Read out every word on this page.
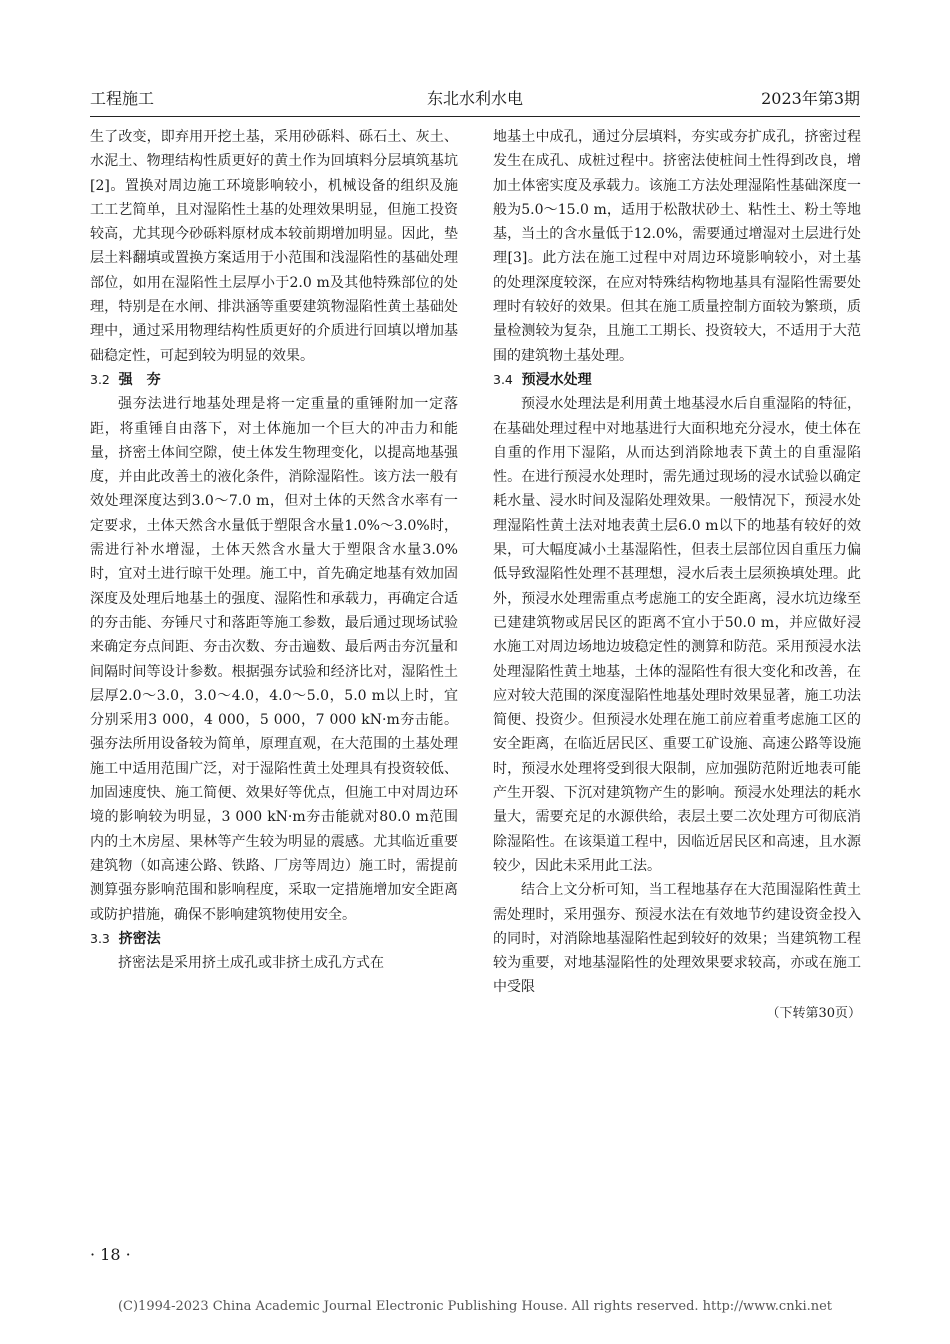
工程施工	东北水利水电	2023年第3期

生了改变，即弃用开挖土基，采用砂砾料、砾石土、灰土、水泥土、物理结构性质更好的黄土作为回填料分层填筑基坑[2]。置换对周边施工环境影响较小，机械设备的组织及施工工艺简单，且对湿陷性土基的处理效果明显，但施工投资较高，尤其现今砂砾料原材成本较前期增加明显。因此，垫层土料翻填或置换方案适用于小范围和浅湿陷性的基础处理部位，如用在湿陷性土层厚小于2.0 m及其他特殊部位的处理，特别是在水闸、排洪涵等重要建筑物湿陷性黄土基础处理中，通过采用物理结构性质更好的介质进行回填以增加基础稳定性，可起到较为明显的效果。

3.2 强　夯

强夯法进行地基处理是将一定重量的重锤附加一定落距，将重锤自由落下，对土体施加一个巨大的冲击力和能量，挤密土体间空隙，使土体发生物理变化，以提高地基强度，并由此改善土的液化条件，消除湿陷性。该方法一般有效处理深度达到3.0～7.0 m，但对土体的天然含水率有一定要求，土体天然含水量低于塑限含水量1.0%～3.0%时，需进行补水增湿，土体天然含水量大于塑限含水量3.0%时，宜对土进行晾干处理。施工中，首先确定地基有效加固深度及处理后地基土的强度、湿陷性和承载力，再确定合适的夯击能、夯锤尺寸和落距等施工参数，最后通过现场试验来确定夯点间距、夯击次数、夯击遍数、最后两击夯沉量和间隔时间等设计参数。根据强夯试验和经济比对，湿陷性土层厚2.0～3.0，3.0～4.0，4.0～5.0，5.0 m以上时，宜分别采用3 000，4 000，5 000，7 000 kN·m夯击能。强夯法所用设备较为简单，原理直观，在大范围的土基处理施工中适用范围广泛，对于湿陷性黄土处理具有投资较低、加固速度快、施工简便、效果好等优点，但施工中对周边环境的影响较为明显，3 000 kN·m夯击能就对80.0 m范围内的土木房屋、果林等产生较为明显的震感。尤其临近重要建筑物（如高速公路、铁路、厂房等周边）施工时，需提前测算强夯影响范围和影响程度，采取一定措施增加安全距离或防护措施，确保不影响建筑物使用安全。

3.3 挤密法

挤密法是采用挤土成孔或非挤土成孔方式在

地基土中成孔，通过分层填料，夯实或夯扩成孔，挤密过程发生在成孔、成桩过程中。挤密法使桩间土性得到改良，增加土体密实度及承载力。该施工方法处理湿陷性基础深度一般为5.0～15.0 m，适用于松散状砂土、粘性土、粉土等地基，当土的含水量低于12.0%，需要通过增湿对土层进行处理[3]。此方法在施工过程中对周边环境影响较小，对土基的处理深度较深，在应对特殊结构物地基具有湿陷性需要处理时有较好的效果。但其在施工质量控制方面较为繁琐，质量检测较为复杂，且施工工期长、投资较大，不适用于大范围的建筑物土基处理。

3.4 预浸水处理

预浸水处理法是利用黄土地基浸水后自重湿陷的特征，在基础处理过程中对地基进行大面积地充分浸水，使土体在自重的作用下湿陷，从而达到消除地表下黄土的自重湿陷性。在进行预浸水处理时，需先通过现场的浸水试验以确定耗水量、浸水时间及湿陷处理效果。一般情况下，预浸水处理湿陷性黄土法对地表黄土层6.0 m以下的地基有较好的效果，可大幅度减小土基湿陷性，但表土层部位因自重压力偏低导致湿陷性处理不甚理想，浸水后表土层须换填处理。此外，预浸水处理需重点考虑施工的安全距离，浸水坑边缘至已建建筑物或居民区的距离不宜小于50.0 m，并应做好浸水施工对周边场地边坡稳定性的测算和防范。采用预浸水法处理湿陷性黄土地基，土体的湿陷性有很大变化和改善，在应对较大范围的深度湿陷性地基处理时效果显著，施工功法简便、投资少。但预浸水处理在施工前应着重考虑施工区的安全距离，在临近居民区、重要工矿设施、高速公路等设施时，预浸水处理将受到很大限制，应加强防范附近地表可能产生开裂、下沉对建筑物产生的影响。预浸水处理法的耗水量大，需要充足的水源供给，表层土要二次处理方可彻底消除湿陷性。在该渠道工程中，因临近居民区和高速，且水源较少，因此未采用此工法。

结合上文分析可知，当工程地基存在大范围湿陷性黄土需处理时，采用强夯、预浸水法在有效地节约建设资金投入的同时，对消除地基湿陷性起到较好的效果；当建筑物工程较为重要，对地基湿陷性的处理效果要求较高，亦或在施工中受限

（下转第30页）

· 18 ·
(C)1994-2023 China Academic Journal Electronic Publishing House. All rights reserved. http://www.cnki.net
